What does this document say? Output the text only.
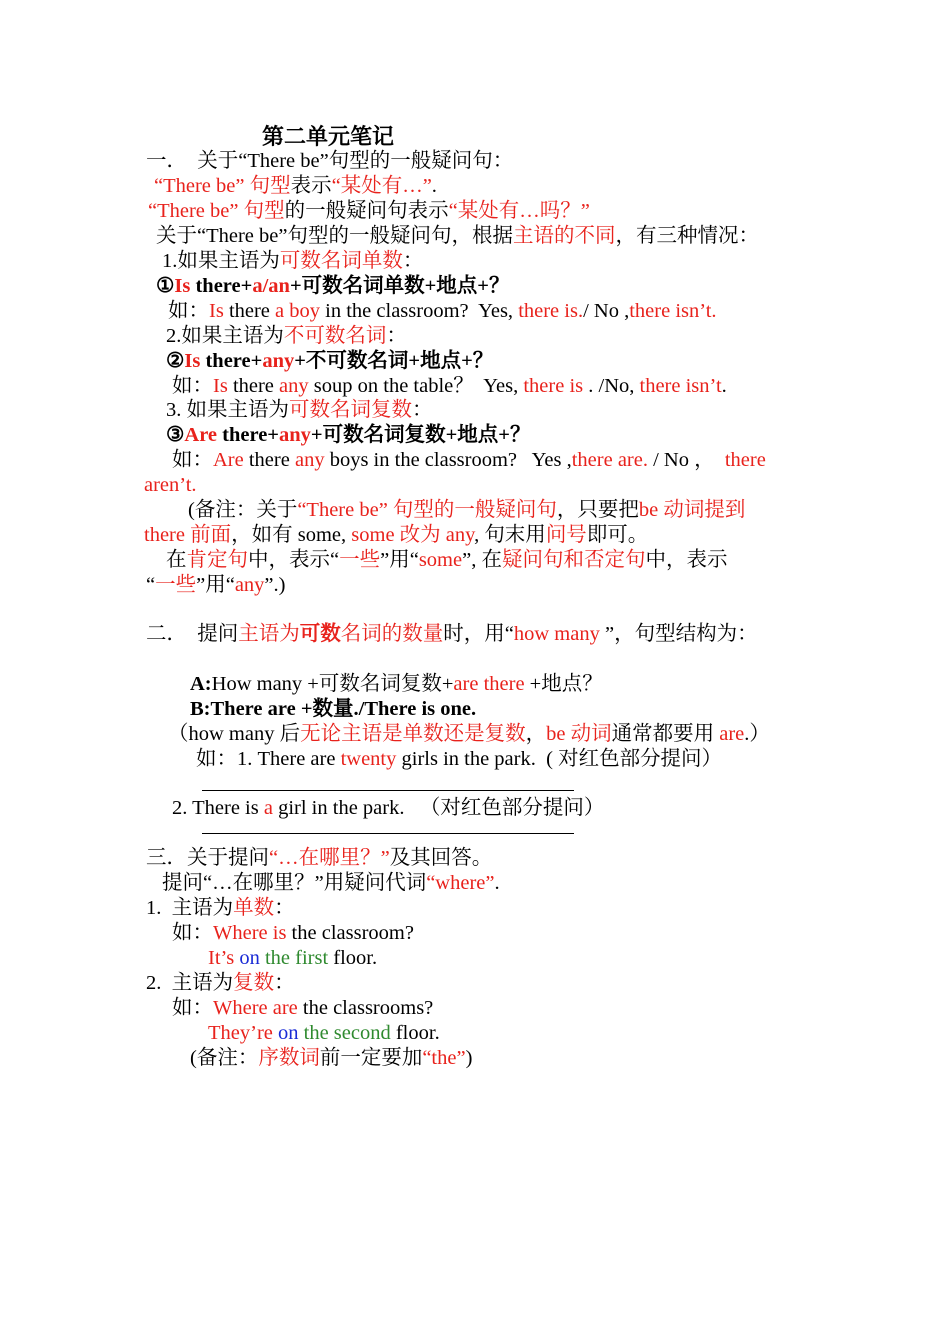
第二单元笔记
一．  关于“There be”句型的一般疑问句：
“There be” 句型表示“某处有…”.
“There be” 句型的一般疑问句表示“某处有…吗？”
关于“There be”句型的一般疑问句，根据主语的不同，有三种情况：
1.如果主语为可数名词单数：
①Is there+a/an+可数名词单数+地点+？
如：Is there a boy in the classroom?  Yes, there is./ No ,there isn’t.
2.如果主语为不可数名词：
②Is there+any+不可数名词+地点+？
如：Is there any soup on the table？  Yes, there is . /No, there isn’t.
3. 如果主语为可数名词复数：
③Are there+any+可数名词复数+地点+？
如：Are there any boys in the classroom?   Yes ,there are. / No ，  there
aren’t.
(备注：关于“There be” 句型的一般疑问句，只要把be 动词提到
there 前面，如有 some, some 改为 any, 句末用问号即可。
在肯定句中，表示“一些”用“some”, 在疑问句和否定句中，表示
“一些”用“any”.)
二．  提问主语为可数名词的数量时，用“how many ”，句型结构为：
A:How many +可数名词复数+are there +地点？
B:There are +数量./There is one.
（how many 后无论主语是单数还是复数，be 动词通常都要用 are.）
如：1. There are twenty girls in the park.  ( 对红色部分提问）
2. There is a girl in the park.   （对红色部分提问）
三．关于提问“…在哪里？”及其回答。
提问“…在哪里？”用疑问代词“where”.
1.  主语为单数：
如：Where is the classroom?
It’s on the first floor.
2.  主语为复数：
如：Where are the classrooms?
They’re on the second floor.
(备注：序数词前一定要加“the”)
